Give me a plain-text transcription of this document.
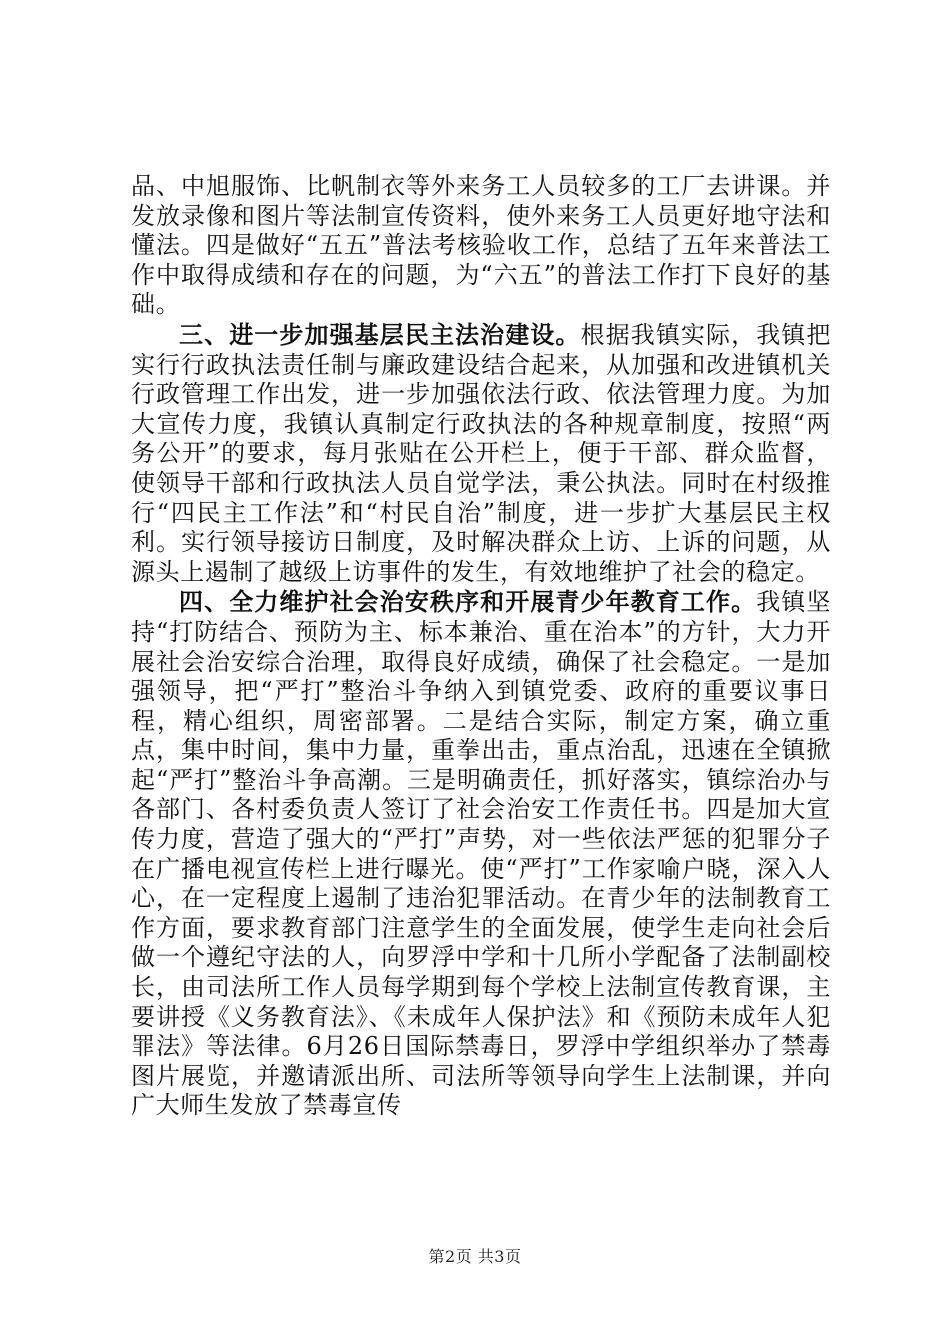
品、中旭服饰、比帆制衣等外来务工人员较多的工厂去讲课。并发放录像和图片等法制宣传资料，使外来务工人员更好地守法和懂法。四是做好“五五”普法考核验收工作，总结了五年来普法工作中取得成绩和存在的问题，为“六五”的普法工作打下良好的基础。

三、进一步加强基层民主法治建设。根据我镇实际，我镇把实行行政执法责任制与廉政建设结合起来，从加强和改进镇机关行政管理工作出发，进一步加强依法行政、依法管理力度。为加大宣传力度，我镇认真制定行政执法的各种规章制度，按照“两务公开”的要求，每月张贴在公开栏上，便于干部、群众监督，使领导干部和行政执法人员自觉学法，秉公执法。同时在村级推行“四民主工作法”和“村民自治”制度，进一步扩大基层民主权利。实行领导接访日制度，及时解决群众上访、上诉的问题，从源头上遏制了越级上访事件的发生，有效地维护了社会的稳定。

四、全力维护社会治安秩序和开展青少年教育工作。我镇坚持“打防结合、预防为主、标本兼治、重在治本”的方针，大力开展社会治安综合治理，取得良好成绩，确保了社会稳定。一是加强领导，把“严打”整治斗争纳入到镇党委、政府的重要议事日程，精心组织，周密部署。二是结合实际，制定方案，确立重点，集中时间，集中力量，重拳出击，重点治乱，迅速在全镇掀起“严打”整治斗争高潮。三是明确责任，抓好落实，镇综治办与各部门、各村委负责人签订了社会治安工作责任书。四是加大宣传力度，营造了强大的“严打”声势，对一些依法严惩的犯罪分子在广播电视宣传栏上进行曝光。使“严打”工作家喻户晓，深入人心，在一定程度上遏制了违治犯罪活动。在青少年的法制教育工作方面，要求教育部门注意学生的全面发展，使学生走向社会后做一个遵纪守法的人，向罗浮中学和十几所小学配备了法制副校长，由司法所工作人员每学期到每个学校上法制宣传教育课，主要讲授《义务教育法》、《未成年人保护法》和《预防未成年人犯罪法》等法律。6月26日国际禁毒日，罗浮中学组织举办了禁毒图片展览，并邀请派出所、司法所等领导向学生上法制课，并向广大师生发放了禁毒宣传

第2页 共3页
